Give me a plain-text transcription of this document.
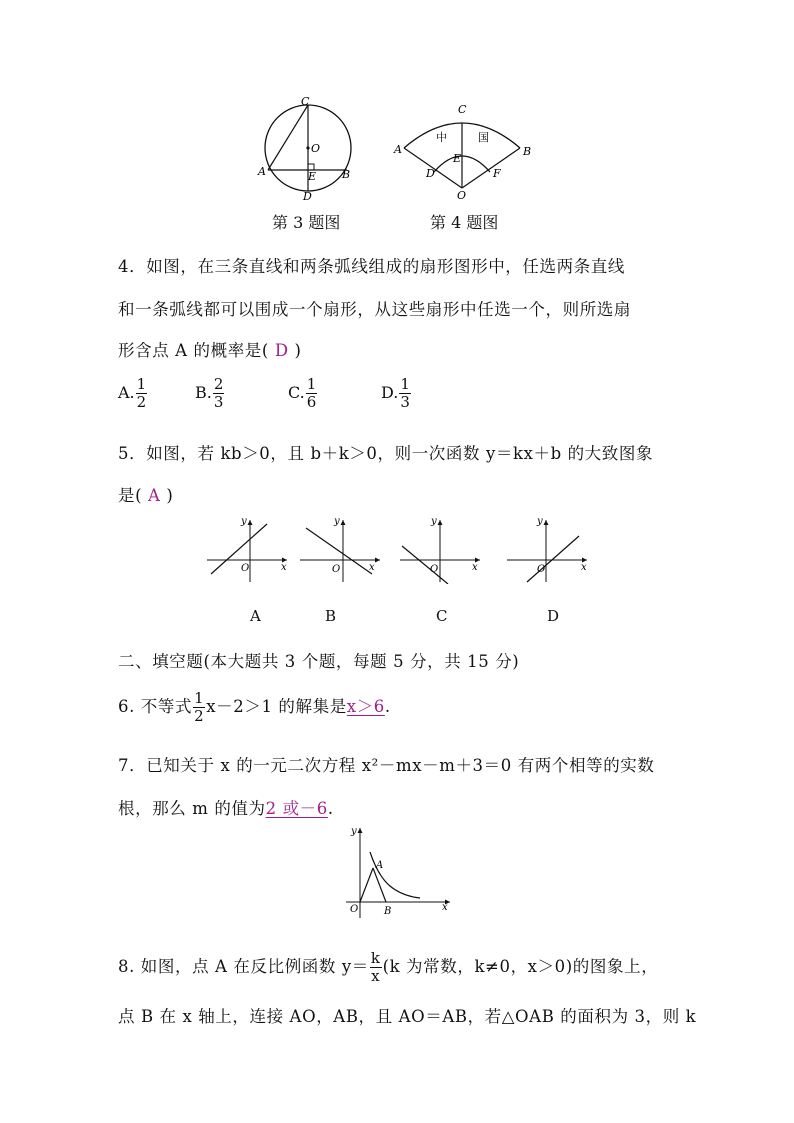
C
O
A	E B
D
第 3 题图
C
A	B
中	国
E
D	F
O
第 4 题图
4．如图，在三条直线和两条弧线组成的扇形图形中，任选两条直线
和一条弧线都可以围成一个扇形，从这些扇形中任选一个，则所选扇
形含点 A 的概率是( D )
A. $\frac{1}{2}$	B. $\frac{2}{3}$	C. $\frac{1}{6}$	D. $\frac{1}{3}$
5．如图，若 kb＞0，且 b＋k＞0，则一次函数 y＝kx＋b 的大致图象
是( A )
y
x
O
y
x
O
y
x
O
y
x
O
A	B	C	D
二、填空题(本大题共 3 个题，每题 5 分，共 15 分)
6. 不等式 $\frac{1}{2} x-2>1$ 的解集是x＞6.
7．已知关于 x 的一元二次方程 x²－mx－m＋3＝0 有两个相等的实数
根，那么 m 的值为2 或－6.
y
A
O	B	x
8. 如图，点 A 在反比例函数 $y= \frac{k}{x} (k$ 为常数，k≠0，x＞0)的图象上，
点 B 在 x 轴上，连接 AO，AB，且 AO＝AB，若△OAB 的面积为 3，则 k
